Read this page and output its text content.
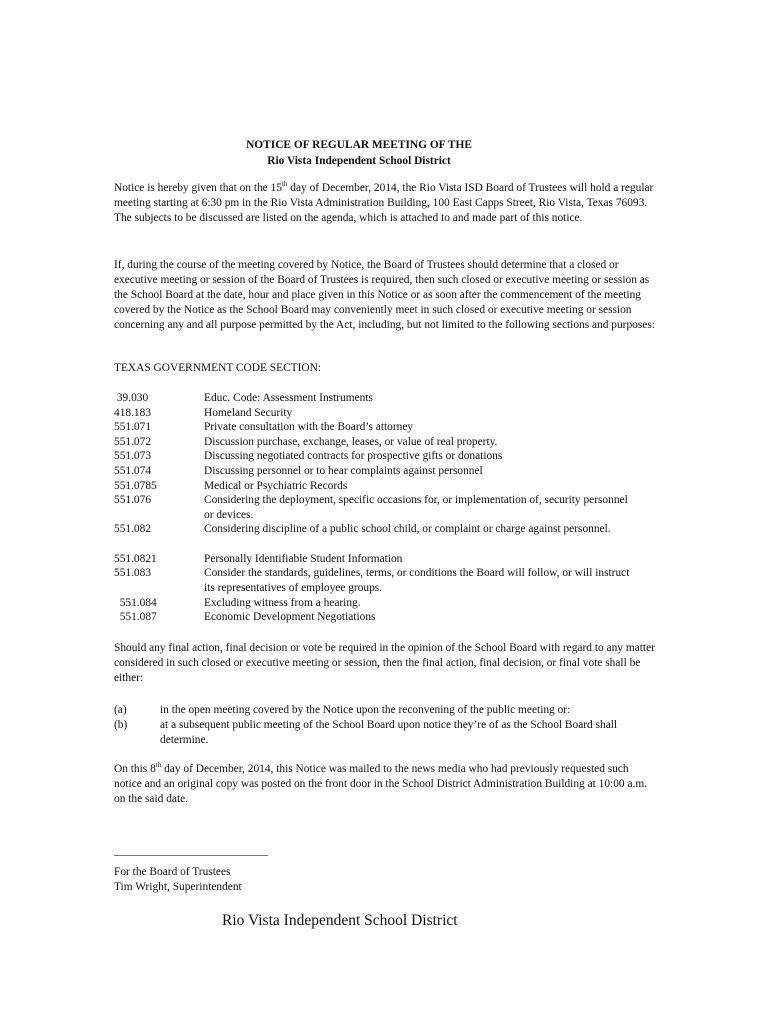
NOTICE OF REGULAR MEETING OF THE
Rio Vista Independent School District

Notice is hereby given that on the 15th day of December, 2014, the Rio Vista ISD Board of Trustees will hold a regular meeting starting at 6:30 pm in the Rio Vista Administration Building, 100 East Capps Street, Rio Vista, Texas 76093. The subjects to be discussed are listed on the agenda, which is attached to and made part of this notice.

If, during the course of the meeting covered by Notice, the Board of Trustees should determine that a closed or executive meeting or session of the Board of Trustees is required, then such closed or executive meeting or session as the School Board at the date, hour and place given in this Notice or as soon after the commencement of the meeting covered by the Notice as the School Board may conveniently meet in such closed or executive meeting or session concerning any and all purpose permitted by the Act, including, but not limited to the following sections and purposes:

TEXAS GOVERNMENT CODE SECTION:

39.030	Educ. Code: Assessment Instruments
418.183	Homeland Security
551.071	Private consultation with the Board’s attorney
551.072	Discussion purchase, exchange, leases, or value of real property.
551.073	Discussing negotiated contracts for prospective gifts or donations
551.074	Discussing personnel or to hear complaints against personnel
551.0785	Medical or Psychiatric Records
551.076	Considering the deployment, specific occasions for, or implementation of, security personnel or devices.
551.082	Considering discipline of a public school child, or complaint or charge against personnel.
551.0821	Personally Identifiable Student Information
551.083	Consider the standards, guidelines, terms, or conditions the Board will follow, or will instruct its representatives of employee groups.
551.084	Excluding witness from a hearing.
551.087	Economic Development Negotiations

Should any final action, final decision or vote be required in the opinion of the School Board with regard to any matter considered in such closed or executive meeting or session, then the final action, final decision, or final vote shall be either:

(a)	in the open meeting covered by the Notice upon the reconvening of the public meeting or:
(b)	at a subsequent public meeting of the School Board upon notice they’re of as the School Board shall determine.

On this 8th day of December, 2014, this Notice was mailed to the news media who had previously requested such notice and an original copy was posted on the front door in the School District Administration Building at 10:00 a.m. on the said date.

___________________________
For the Board of Trustees
Tim Wright, Superintendent
Rio Vista Independent School District
